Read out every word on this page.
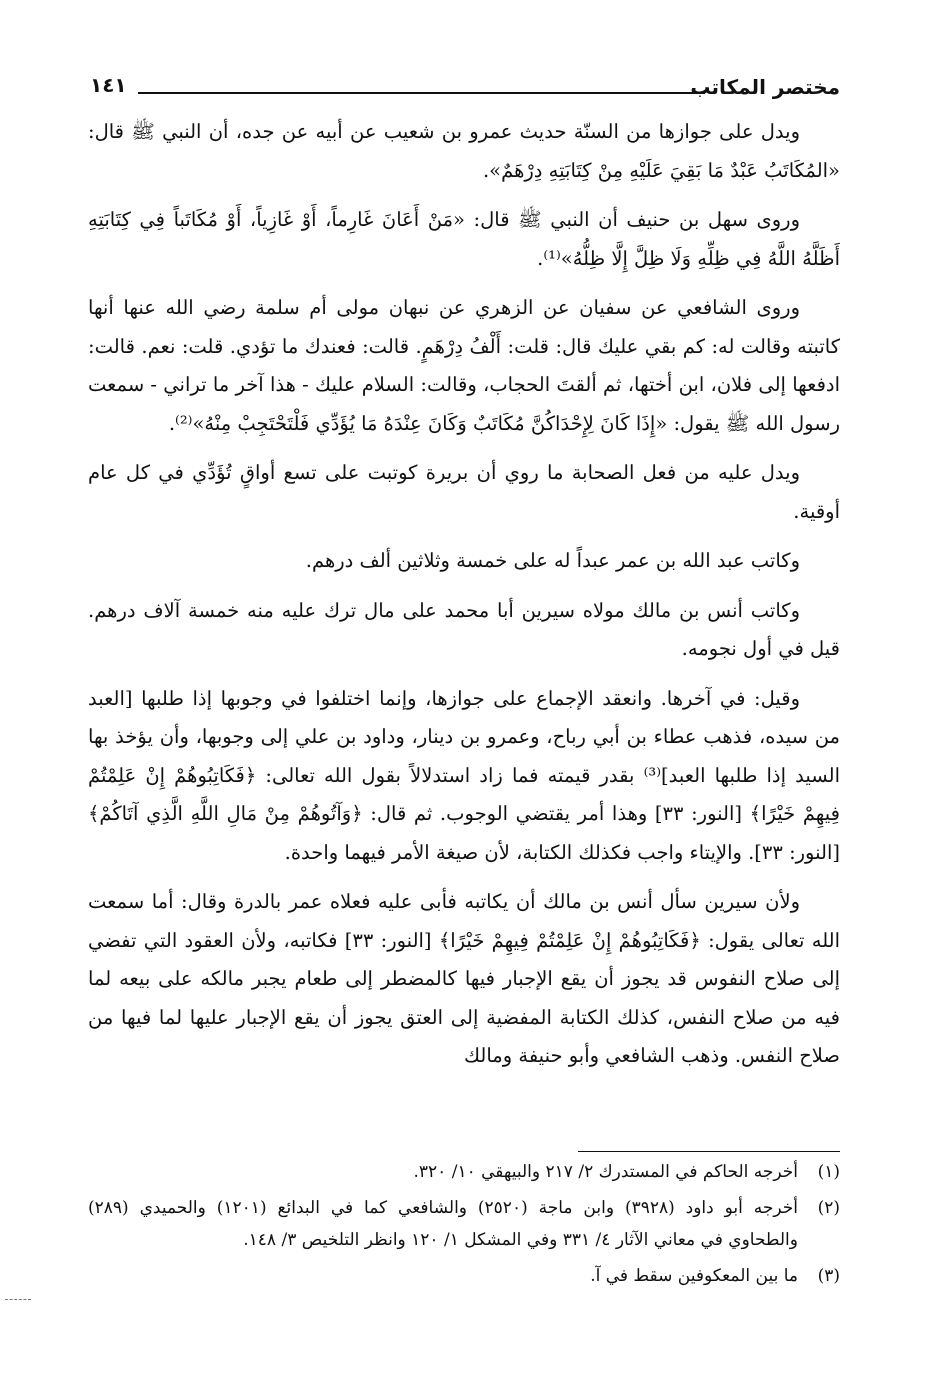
مختصر المكاتب
١٤١

ويدل على جوازها من السنّة حديث عمرو بن شعيب عن أبيه عن جده، أن النبي ﷺ قال: «المُكَاتَبُ عَبْدٌ مَا بَقِيَ عَلَيْهِ مِنْ كِتَابَتِهِ دِرْهَمٌ».

وروى سهل بن حنيف أن النبي ﷺ قال: «مَنْ أَعَانَ غَارِماً، أَوْ غَازِياً، أَوْ مُكَاتَباً فِي كِتَابَتِهِ أَظَلَّهُ اللَّهُ فِي ظِلِّهِ وَلَا ظِلَّ إِلَّا ظِلُّهُ»⁽¹⁾.

وروى الشافعي عن سفيان عن الزهري عن نبهان مولى أم سلمة رضي الله عنها أنها كاتبته وقالت له: كم بقي عليك قال: قلت: أَلْفُ دِرْهَمٍ. قالت: فعندك ما تؤدي. قلت: نعم. قالت: ادفعها إلى فلان، ابن أختها، ثم ألقتَ الحجاب، وقالت: السلام عليك - هذا آخر ما تراني - سمعت رسول الله ﷺ يقول: «إِذَا كَانَ لِإِحْدَاكُنَّ مُكَاتَبٌ وَكَانَ عِنْدَهُ مَا يُؤَدِّي فَلْتَحْتَجِبْ مِنْهُ»⁽²⁾.

ويدل عليه من فعل الصحابة ما روي أن بريرة كوتبت على تسع أواقٍ تُؤَدِّي في كل عام أوقية.

وكاتب عبد الله بن عمر عبداً له على خمسة وثلاثين ألف درهم.

وكاتب أنس بن مالك مولاه سيرين أبا محمد على مال ترك عليه منه خمسة آلاف درهم. قيل في أول نجومه.

وقيل: في آخرها. وانعقد الإجماع على جوازها، وإنما اختلفوا في وجوبها إذا طلبها [العبد من سيده، فذهب عطاء بن أبي رباح، وعمرو بن دينار، وداود بن علي إلى وجوبها، وأن يؤخذ بها السيد إذا طلبها العبد]⁽³⁾ بقدر قيمته فما زاد استدلالاً بقول الله تعالى: ﴿فَكَاتِبُوهُمْ إِنْ عَلِمْتُمْ فِيهِمْ خَيْرًا﴾ [النور: ٣٣] وهذا أمر يقتضي الوجوب. ثم قال: ﴿وَآتُوهُمْ مِنْ مَالِ اللَّهِ الَّذِي آتَاكُمْ﴾ [النور: ٣٣]. والإيتاء واجب فكذلك الكتابة، لأن صيغة الأمر فيهما واحدة.

ولأن سيرين سأل أنس بن مالك أن يكاتبه فأبى عليه فعلاه عمر بالدرة وقال: أما سمعت الله تعالى يقول: ﴿فَكَاتِبُوهُمْ إِنْ عَلِمْتُمْ فِيهِمْ خَيْرًا﴾ [النور: ٣٣] فكاتبه، ولأن العقود التي تفضي إلى صلاح النفوس قد يجوز أن يقع الإجبار فيها كالمضطر إلى طعام يجبر مالكه على بيعه لما فيه من صلاح النفس، كذلك الكتابة المفضية إلى العتق يجوز أن يقع الإجبار عليها لما فيها من صلاح النفس. وذهب الشافعي وأبو حنيفة ومالك

(١)
أخرجه الحاكم في المستدرك ٢/ ٢١٧ والبيهقي ١٠/ ٣٢٠.
(٢)
أخرجه أبو داود (٣٩٢٨) وابن ماجة (٢٥٢٠) والشافعي كما في البدائع (١٢٠١) والحميدي (٢٨٩) والطحاوي في معاني الآثار ٤/ ٣٣١ وفي المشكل ١/ ١٢٠ وانظر التلخيص ٣/ ١٤٨.
(٣)
ما بين المعكوفين سقط في آ.
